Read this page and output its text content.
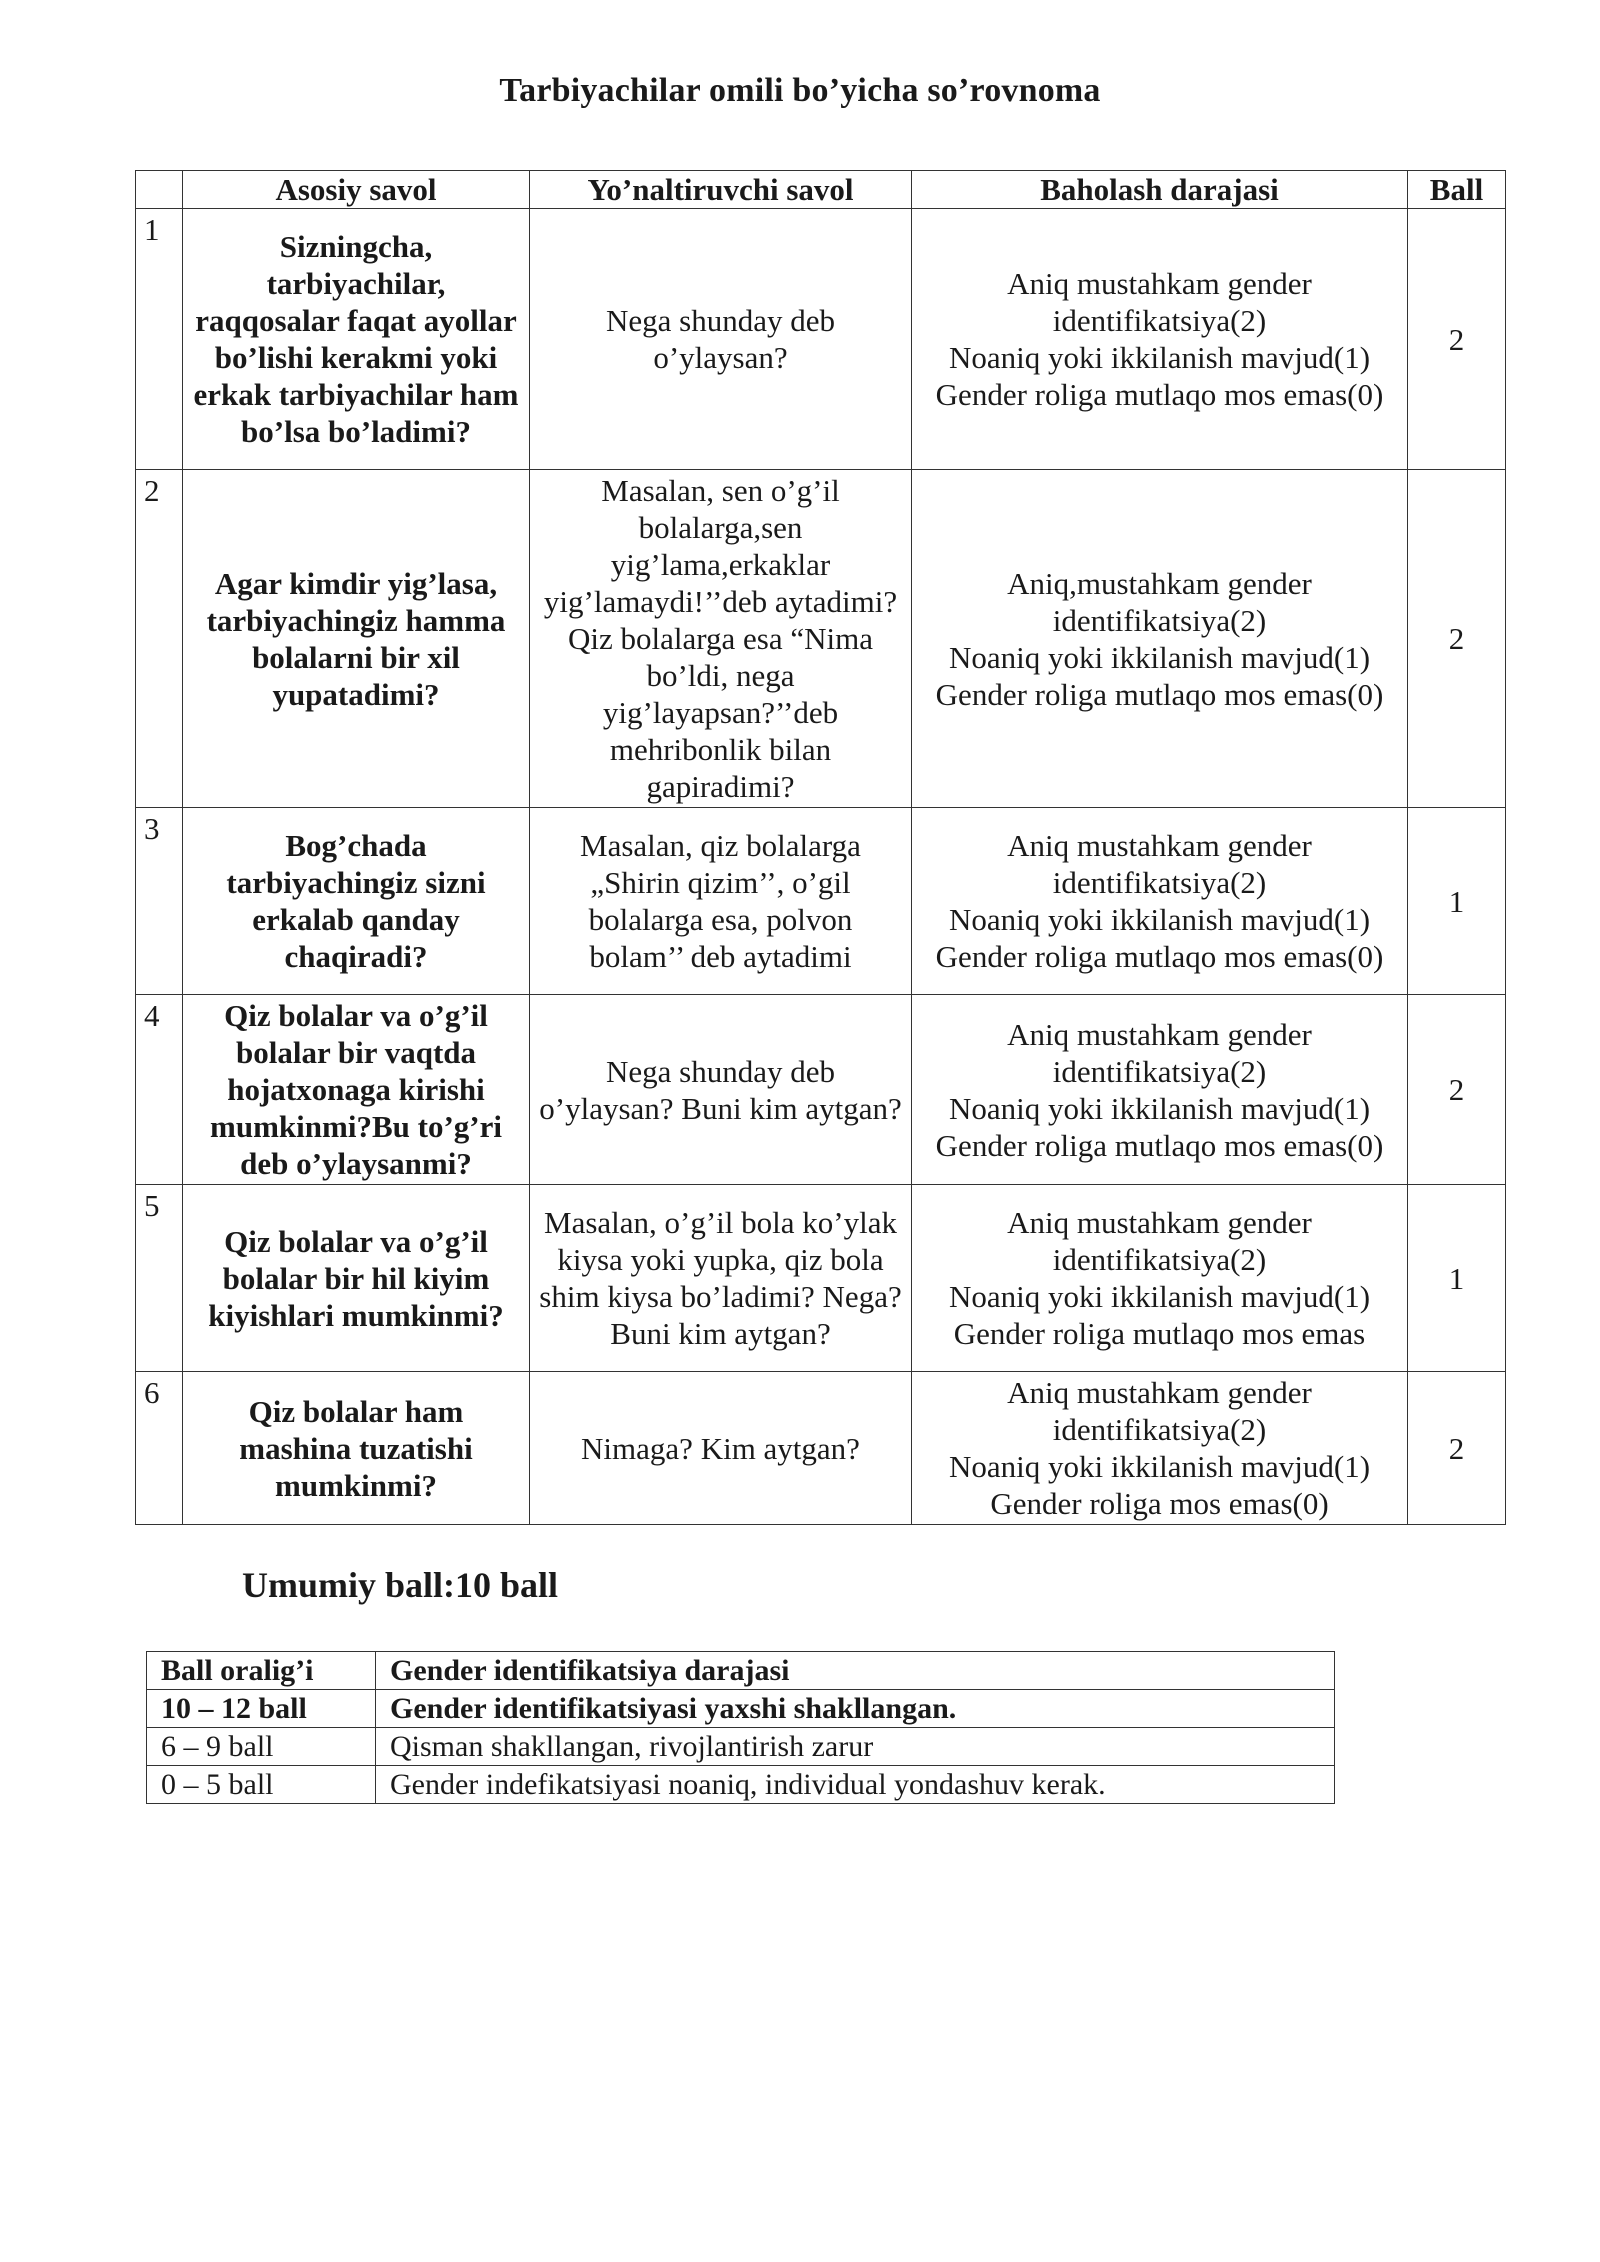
Tarbiyachilar omili bo’yicha so’rovnoma
	Asosiy savol	Yo’naltiruvchi savol	Baholash darajasi	Ball
1	Sizningcha, tarbiyachilar, raqqosalar faqat ayollar bo’lishi kerakmi yoki erkak tarbiyachilar ham bo’lsa bo’ladimi?	Nega shunday deb o’ylaysan?	Aniq mustahkam gender identifikatsiya(2)
Noaniq yoki ikkilanish mavjud(1)
Gender roliga mutlaqo mos emas(0)	2
2	Agar kimdir yig’lasa, tarbiyachingiz hamma bolalarni bir xil yupatadimi?	Masalan, sen o’g’il bolalarga,sen yig’lama,erkaklar yig’lamaydi!’’deb aytadimi? Qiz bolalarga esa “Nima bo’ldi, nega yig’layapsan?’’deb mehribonlik bilan gapiradimi?	Aniq,mustahkam gender identifikatsiya(2)
Noaniq yoki ikkilanish mavjud(1)
Gender roliga mutlaqo mos emas(0)	2
3	Bog’chada tarbiyachingiz sizni erkalab qanday chaqiradi?	Masalan, qiz bolalarga „Shirin qizim’’, o’gil bolalarga esa, polvon bolam’’ deb aytadimi	Aniq mustahkam gender identifikatsiya(2)
Noaniq yoki ikkilanish mavjud(1)
Gender roliga mutlaqo mos emas(0)	1
4	Qiz bolalar va o’g’il bolalar bir vaqtda hojatxonaga kirishi mumkinmi?Bu to’g’ri deb o’ylaysanmi?	Nega shunday deb o’ylaysan? Buni kim aytgan?	Aniq mustahkam gender identifikatsiya(2)
Noaniq yoki ikkilanish mavjud(1)
Gender roliga mutlaqo mos emas(0)	2
5	Qiz bolalar va o’g’il bolalar bir hil kiyim kiyishlari mumkinmi?	Masalan, o’g’il bola ko’ylak kiysa yoki yupka, qiz bola shim kiysa bo’ladimi? Nega? Buni kim aytgan?	Aniq mustahkam gender identifikatsiya(2)
Noaniq yoki ikkilanish mavjud(1)
Gender roliga mutlaqo mos emas	1
6	Qiz bolalar ham mashina tuzatishi mumkinmi?	Nimaga? Kim aytgan?	Aniq mustahkam gender identifikatsiya(2)
Noaniq yoki ikkilanish mavjud(1)
Gender roliga mos emas(0)	2
Umumiy ball:10 ball
Ball oralig’i	Gender identifikatsiya darajasi
10 – 12 ball	Gender identifikatsiyasi yaxshi shakllangan.
6 – 9 ball	Qisman shakllangan, rivojlantirish zarur
0 – 5 ball	Gender indefikatsiyasi noaniq, individual yondashuv kerak.
